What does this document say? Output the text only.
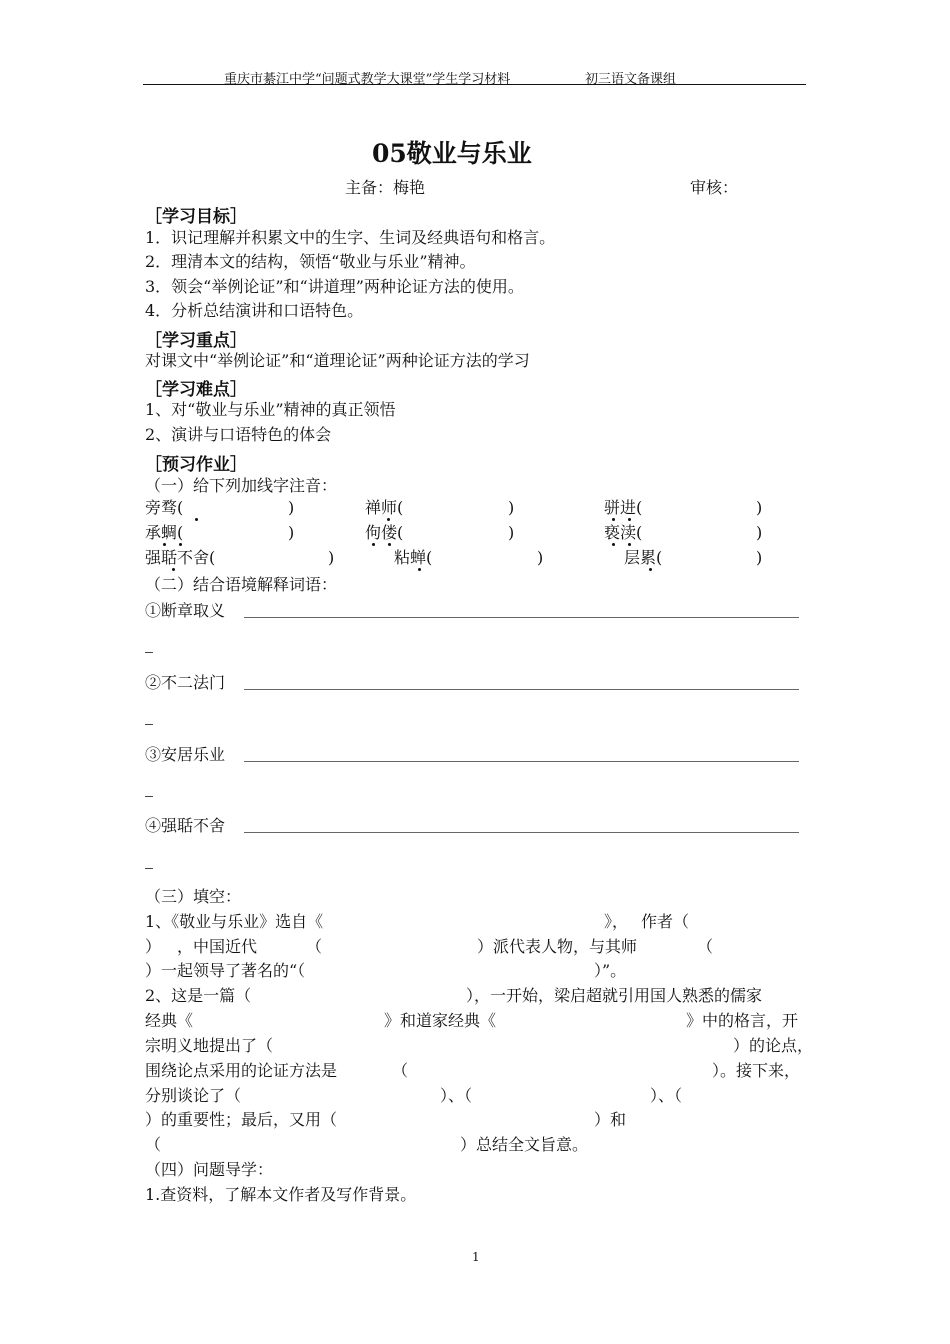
重庆市綦江中学“问题式教学大课堂”学生学习材料	初三语文备课组
05敬业与乐业
主备：梅艳	审核：
［学习目标］
1．识记理解并积累文中的生字、生词及经典语句和格言。
2．理清本文的结构，领悟“敬业与乐业”精神。
3．领会“举例论证”和“讲道理”两种论证方法的使用。
4．分析总结演讲和口语特色。
［学习重点］
对课文中“举例论证”和“道理论证”两种论证方法的学习
［学习难点］
1、对“敬业与乐业”精神的真正领悟
2、演讲与口语特色的体会
［预习作业］
（一）给下列加线字注音：
旁骛(	)	禅师(	)	骈进(	)
承蜩(	)	佝偻(	)	亵渎(	)
强聒不舍(	)	粘蝉(	)	层累(	)
（二）结合语境解释词语：
①断章取义
②不二法门
③安居乐业
④强聒不舍
（三）填空：
1、《敬业与乐业》选自《	》， 作者（
） ，中国近代	（	）派代表人物，与其师	（
）一起领导了著名的“（	）”。
2、这是一篇（	），一开始，梁启超就引用国人熟悉的儒家
经典《	》和道家经典《	》中的格言，开
宗明义地提出了（	）的论点，
围绕论点采用的论证方法是	（	）。接下来，
分别谈论了（	）、（	）、（
）的重要性；最后，又用（	）和
（	）总结全文旨意。
（四）问题导学：
1.查资料，了解本文作者及写作背景。
1
